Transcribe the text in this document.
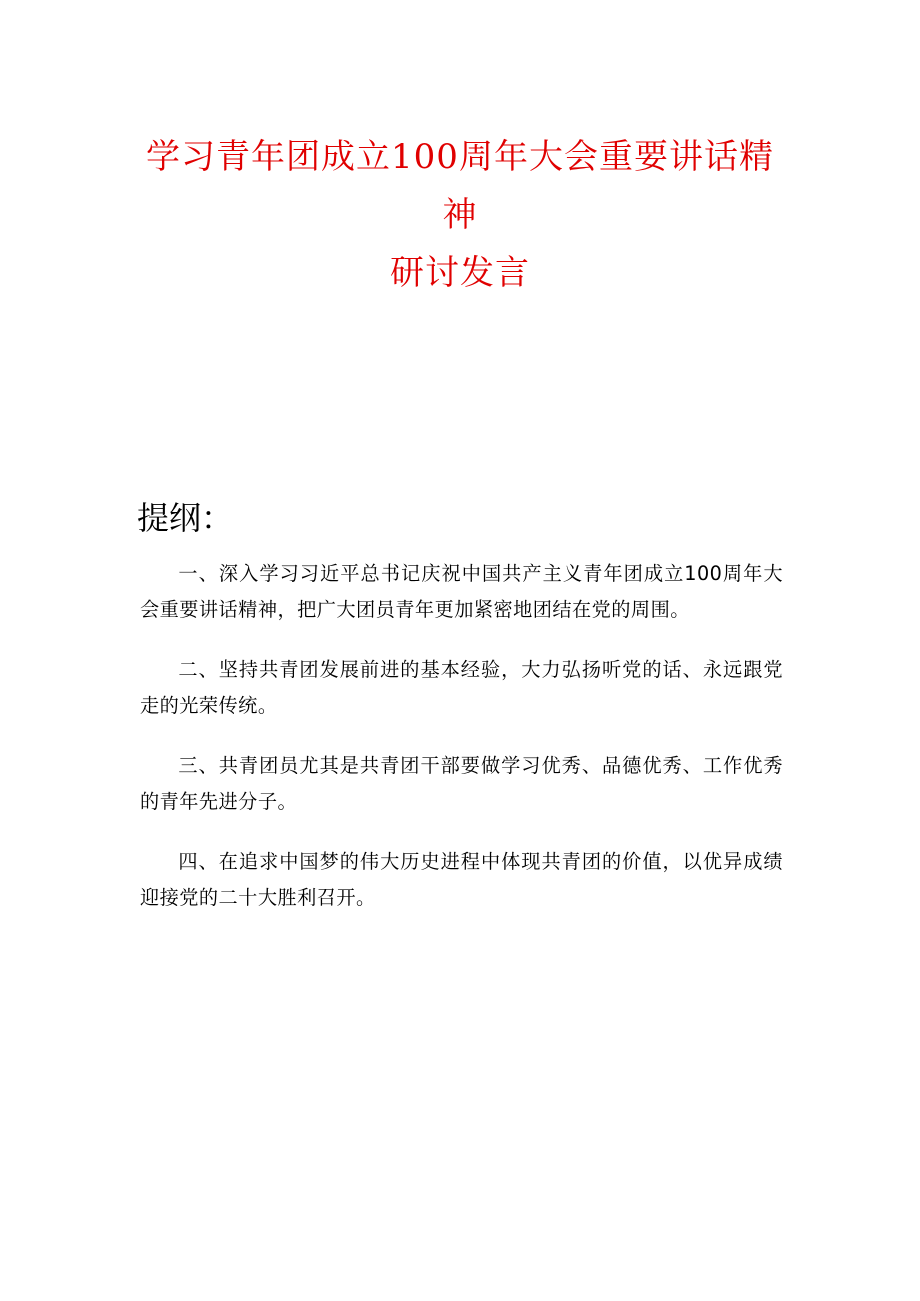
学习青年团成立100周年大会重要讲话精
神
研讨发言
提纲：

一、深入学习习近平总书记庆祝中国共产主义青年团成立100周年大会重要讲话精神，把广大团员青年更加紧密地团结在党的周围。

二、坚持共青团发展前进的基本经验，大力弘扬听党的话、永远跟党走的光荣传统。

三、共青团员尤其是共青团干部要做学习优秀、品德优秀、工作优秀的青年先进分子。

四、在追求中国梦的伟大历史进程中体现共青团的价值，以优异成绩迎接党的二十大胜利召开。
